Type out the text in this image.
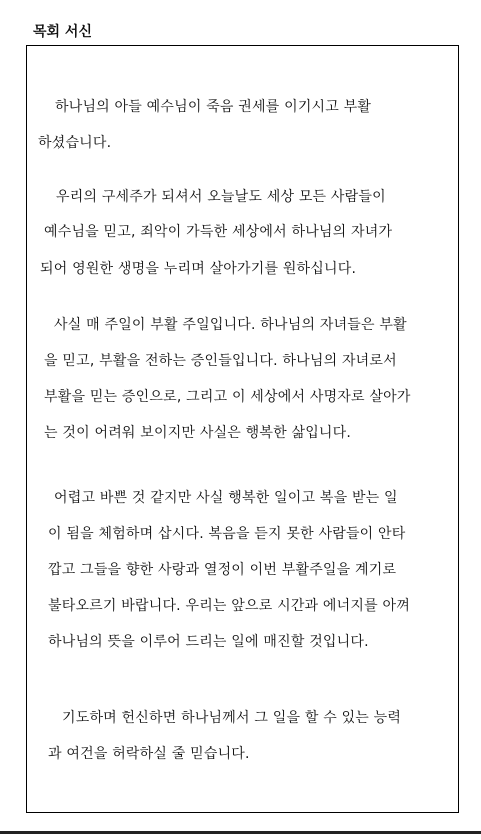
목회 서신
하나님의 아들 예수님이 죽음 권세를 이기시고 부활
하셨습니다.
우리의 구세주가 되셔서 오늘날도 세상 모든 사람들이
예수님을 믿고, 죄악이 가득한 세상에서 하나님의 자녀가
되어 영원한 생명을 누리며 살아가기를 원하십니다.
사실 매 주일이 부활 주일입니다. 하나님의 자녀들은 부활
을 믿고, 부활을 전하는 증인들입니다. 하나님의 자녀로서
부활을 믿는 증인으로, 그리고 이 세상에서 사명자로 살아가
는 것이 어려워 보이지만 사실은 행복한 삶입니다.
어렵고 바쁜 것 같지만 사실 행복한 일이고 복을 받는 일
이 됨을 체험하며 삽시다. 복음을 듣지 못한 사람들이 안타
깝고 그들을 향한 사랑과 열정이 이번 부활주일을 계기로
불타오르기 바랍니다. 우리는 앞으로 시간과 에너지를 아껴
하나님의 뜻을 이루어 드리는 일에 매진할 것입니다.
기도하며 헌신하면 하나님께서 그 일을 할 수 있는 능력
과 여건을 허락하실 줄 믿습니다.
